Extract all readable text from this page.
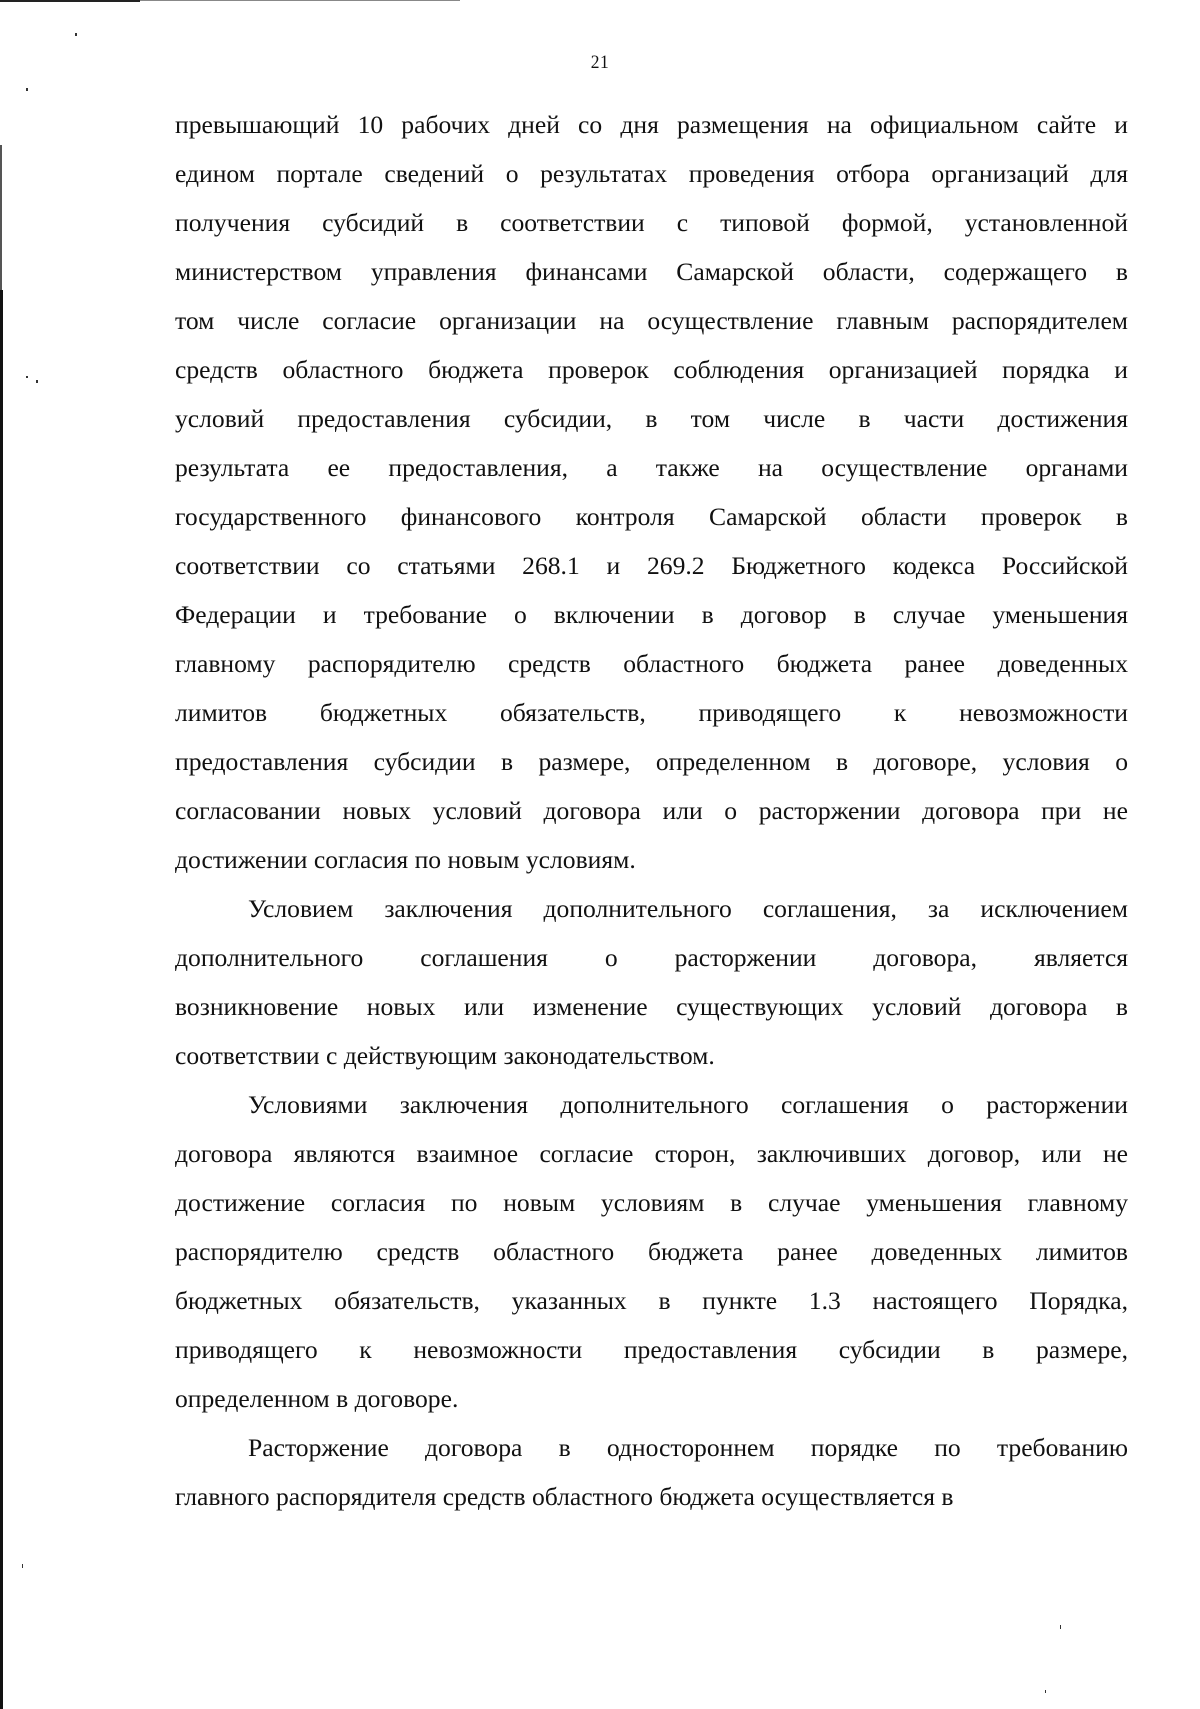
21
превышающий 10 рабочих дней со дня размещения на официальном сайте и
едином портале сведений о результатах проведения отбора организаций для
получения субсидий в соответствии с типовой формой, установленной
министерством управления финансами Самарской области, содержащего в
том числе согласие организации на осуществление главным распорядителем
средств областного бюджета проверок соблюдения организацией порядка и
условий предоставления субсидии, в том числе в части достижения
результата ее предоставления, а также на осуществление органами
государственного финансового контроля Самарской области проверок в
соответствии со статьями 268.1 и 269.2 Бюджетного кодекса Российской
Федерации и требование о включении в договор в случае уменьшения
главному распорядителю средств областного бюджета ранее доведенных
лимитов бюджетных обязательств, приводящего к невозможности
предоставления субсидии в размере, определенном в договоре, условия о
согласовании новых условий договора или о расторжении договора при не
достижении согласия по новым условиям.
Условием заключения дополнительного соглашения, за исключением
дополнительного соглашения о расторжении договора, является
возникновение новых или изменение существующих условий договора в
соответствии с действующим законодательством.
Условиями заключения дополнительного соглашения о расторжении
договора являются взаимное согласие сторон, заключивших договор, или не
достижение согласия по новым условиям в случае уменьшения главному
распорядителю средств областного бюджета ранее доведенных лимитов
бюджетных обязательств, указанных в пункте 1.3 настоящего Порядка,
приводящего к невозможности предоставления субсидии в размере,
определенном в договоре.
Расторжение договора в одностороннем порядке по требованию
главного распорядителя средств областного бюджета осуществляется в
